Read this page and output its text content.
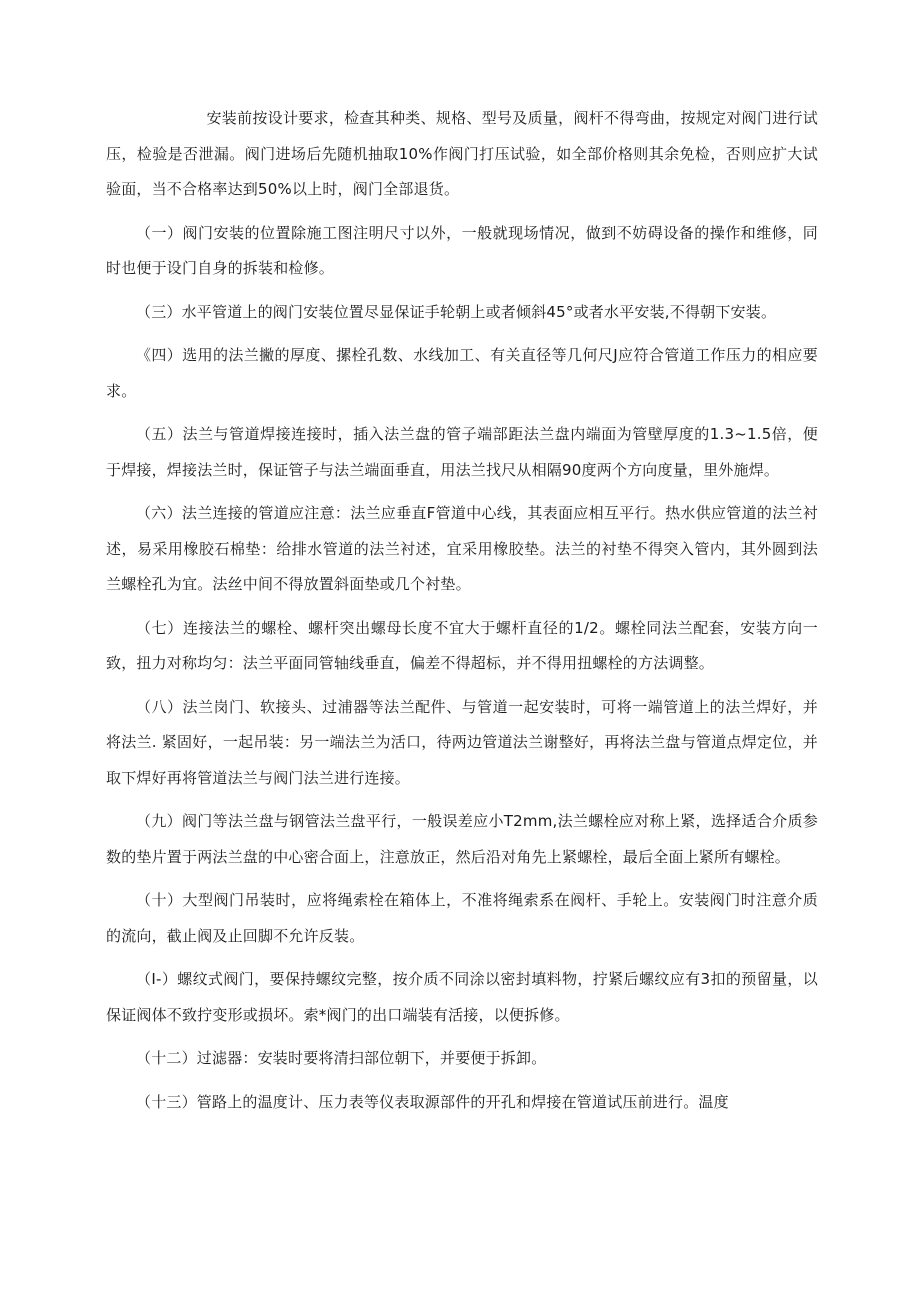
安装前按设计要求，检查其种类、规格、型号及质量，阀杆不得弯曲，按规定对阀门进行试压，检验是否泄漏。阀门进场后先随机抽取10%作阀门打压试验，如全部价格则其余免检，否则应扩大试验面，当不合格率达到50%以上时，阀门全部退货。

（一）阀门安装的位置除施工图注明尺寸以外，一般就现场情况，做到不妨碍设备的操作和维修，同时也便于设门自身的拆装和检修。

（三）水平管道上的阀门安装位置尽显保证手轮朝上或者倾斜45°或者水平安装,不得朝下安装。

《四）选用的法兰撇的厚度、摞栓孔数、水线加工、有关直径等几何尺J应符合管道工作压力的相应要求。

（五）法兰与管道焊接连接时，插入法兰盘的管子端部距法兰盘内端面为管壁厚度的1.3~1.5倍，便于焊接，焊接法兰时，保证管子与法兰端面垂直，用法兰找尺从相隔90度两个方向度量，里外施焊。

（六）法兰连接的管道应注意：法兰应垂直F管道中心线，其表面应相互平行。热水供应管道的法兰衬述，易采用橡胶石棉垫：给排水管道的法兰衬述，宜采用橡胶垫。法兰的衬垫不得突入管内，其外圆到法兰螺栓孔为宜。法丝中间不得放置斜面垫或几个衬垫。

（七）连接法兰的螺栓、螺杆突出螺母长度不宜大于螺杆直径的1/2。螺栓同法兰配套，安装方向一致，扭力对称均匀：法兰平面同管轴线垂直，偏差不得超标，并不得用扭螺栓的方法调整。

（八）法兰岗门、软接头、过浦器等法兰配件、与管道一起安装时，可将一端管道上的法兰焊好，并将法兰. 紧固好，一起吊装：另一端法兰为活口，待两边管道法兰谢整好，再将法兰盘与管道点焊定位，并取下焊好再将管道法兰与阀门法兰进行连接。

（九）阀门等法兰盘与钢管法兰盘平行，一般误差应小T2mm,法兰螺栓应对称上紧，选择适合介质参数的垫片置于两法兰盘的中心密合面上，注意放正，然后沿对角先上紧螺栓，最后全面上紧所有螺栓。

（十）大型阀门吊装时，应将绳索栓在箱体上，不准将绳索系在阀杆、手轮上。安装阀门时注意介质的流向，截止阀及止回脚不允许反装。

（I-）螺纹式阀门，要保持螺纹完整，按介质不同涂以密封填料物，拧紧后螺纹应有3扣的预留量，以保证阀体不致拧变形或损坏。索*阀门的出口端装有活接，以便拆修。

（十二）过滤器：安装时要将清扫部位朝下，并要便于拆卸。

（十三）管路上的温度计、压力表等仪表取源部件的开孔和焊接在管道试压前进行。温度
